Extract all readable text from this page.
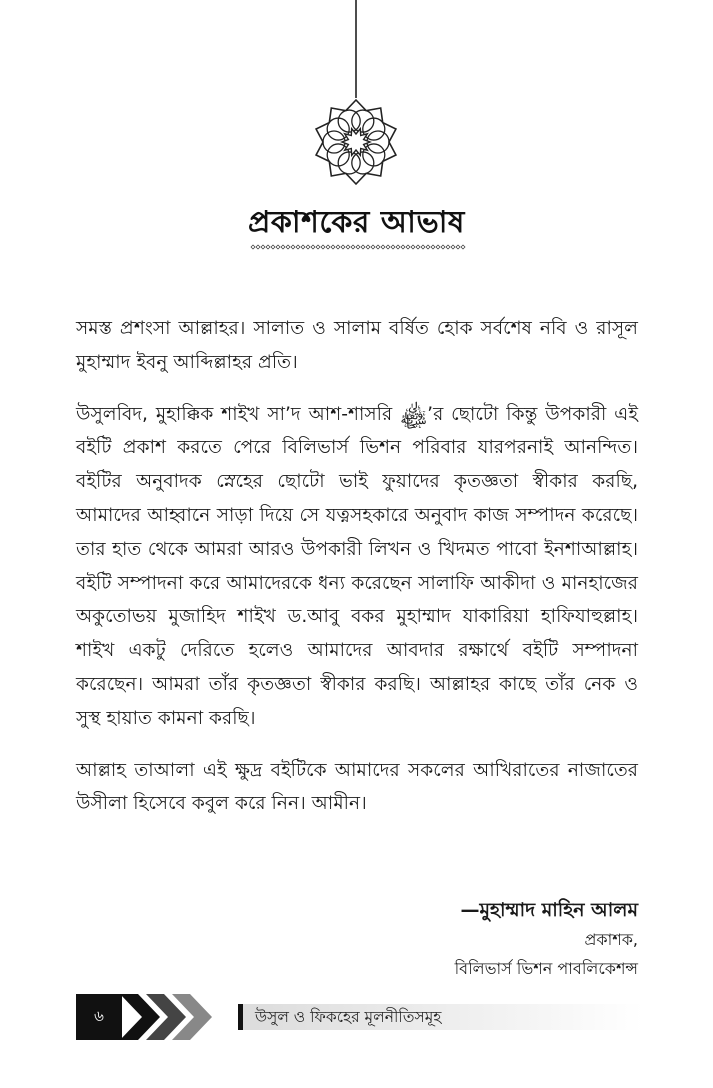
প্রকাশকের আভাষ

সমস্ত প্রশংসা আল্লাহর। সালাত ও সালাম বর্ষিত হোক সর্বশেষ নবি ও রাসূল মুহাম্মাদ ইবনু আব্দিল্লাহর প্রতি।

উসুলবিদ, মুহাক্কিক শাইখ সা’দ আশ-শাসরি ﷾’র ছোটো কিন্তু উপকারী এই বইটি প্রকাশ করতে পেরে বিলিভার্স ভিশন পরিবার যারপরনাই আনন্দিত। বইটির অনুবাদক স্নেহের ছোটো ভাই ফুয়াদের কৃতজ্ঞতা স্বীকার করছি, আমাদের আহ্বানে সাড়া দিয়ে সে যত্নসহকারে অনুবাদ কাজ সম্পাদন করেছে। তার হাত থেকে আমরা আরও উপকারী লিখন ও খিদমত পাবো ইনশাআল্লাহ। বইটি সম্পাদনা করে আমাদেরকে ধন্য করেছেন সালাফি আকীদা ও মানহাজের অকুতোভয় মুজাহিদ শাইখ ড.আবু বকর মুহাম্মাদ যাকারিয়া হাফিযাহুল্লাহ। শাইখ একটু দেরিতে হলেও আমাদের আবদার রক্ষার্থে বইটি সম্পাদনা করেছেন। আমরা তাঁর কৃতজ্ঞতা স্বীকার করছি। আল্লাহর কাছে তাঁর নেক ও সুস্থ হায়াত কামনা করছি।

আল্লাহ তাআলা এই ক্ষুদ্র বইটিকে আমাদের সকলের আখিরাতের নাজাতের উসীলা হিসেবে কবুল করে নিন। আমীন।

—মুহাম্মাদ মাহিন আলম
প্রকাশক,
বিলিভার্স ভিশন পাবলিকেশন্স
৬	উসুল ও ফিকহের মূলনীতিসমূহ
